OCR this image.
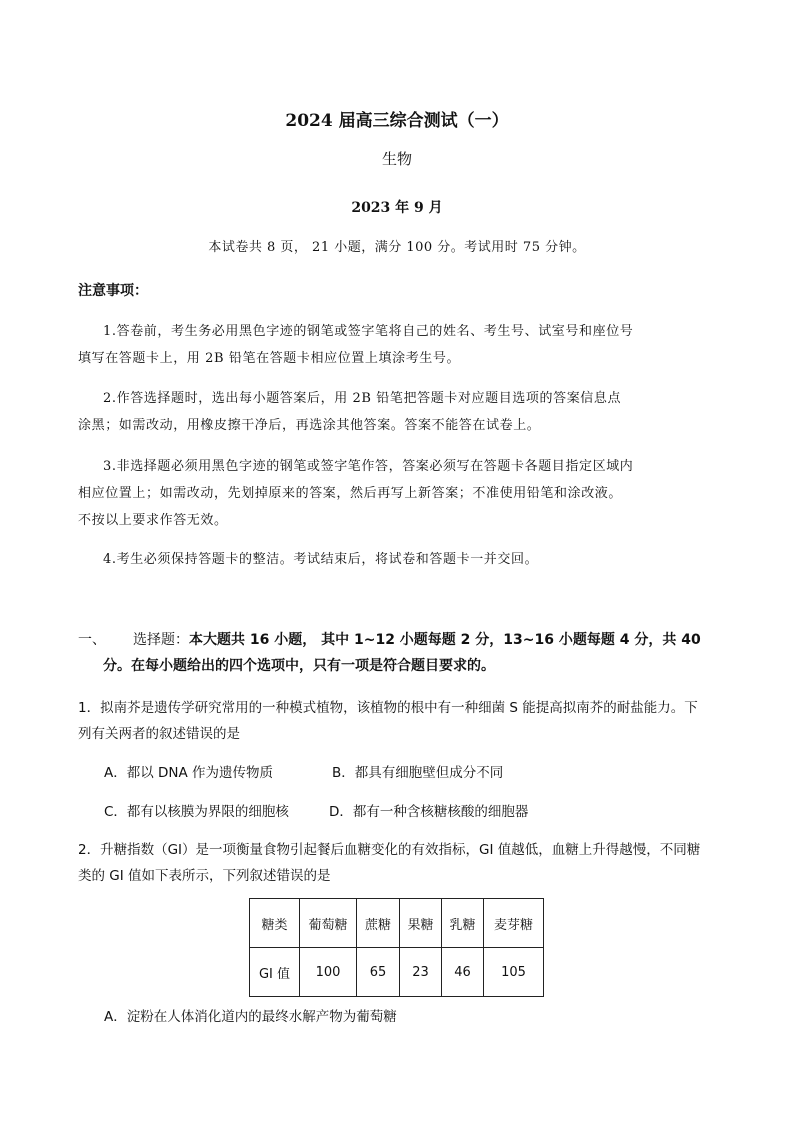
2024 届高三综合测试（一）
生物
2023 年 9 月
本试卷共 8 页， 21 小题，满分 100 分。考试用时 75 分钟。
注意事项：
1.答卷前，考生务必用黑色字迹的钢笔或签字笔将自己的姓名、考生号、试室号和座位号
填写在答题卡上，用 2B 铅笔在答题卡相应位置上填涂考生号。
2.作答选择题时，选出每小题答案后，用 2B 铅笔把答题卡对应题目选项的答案信息点
涂黑；如需改动，用橡皮擦干净后，再选涂其他答案。答案不能答在试卷上。
3.非选择题必须用黑色字迹的钢笔或签字笔作答，答案必须写在答题卡各题目指定区域内
相应位置上；如需改动，先划掉原来的答案，然后再写上新答案；不准使用铅笔和涂改液。
不按以上要求作答无效。
4.考生必须保持答题卡的整洁。考试结束后，将试卷和答题卡一并交回。
一、 选择题：本大题共 16 小题， 其中 1~12 小题每题 2 分，13~16 小题每题 4 分，共 40
分。在每小题给出的四个选项中，只有一项是符合题目要求的。
1．拟南芥是遗传学研究常用的一种模式植物，该植物的根中有一种细菌 S 能提高拟南芥的耐盐能力。下
列有关两者的叙述错误的是
A．都以 DNA 作为遗传物质	B．都具有细胞壁但成分不同
C．都有以核膜为界限的细胞核	D．都有一种含核糖核酸的细胞器
2．升糖指数（GI）是一项衡量食物引起餐后血糖变化的有效指标，GI 值越低，血糖上升得越慢，不同糖
类的 GI 值如下表所示，下列叙述错误的是
糖类	葡萄糖	蔗糖	果糖	乳糖	麦芽糖
GI 值	100	65	23	46	105
A．淀粉在人体消化道内的最终水解产物为葡萄糖
